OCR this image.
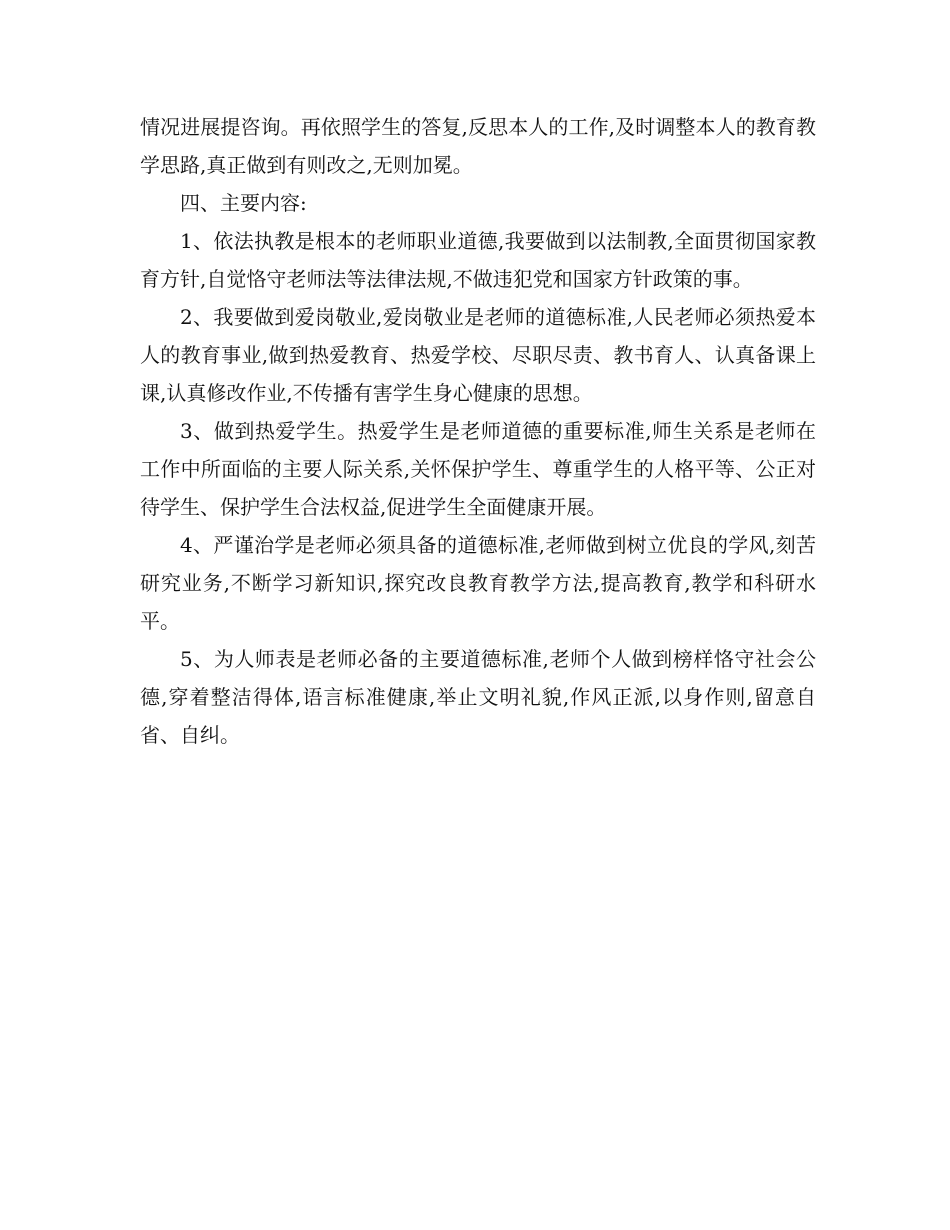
情况进展提咨询。再依照学生的答复,反思本人的工作,及时调整本人的教育教学思路,真正做到有则改之,无则加冕。

四、主要内容:

1、依法执教是根本的老师职业道德,我要做到以法制教,全面贯彻国家教育方针,自觉恪守老师法等法律法规,不做违犯党和国家方针政策的事。

2、我要做到爱岗敬业,爱岗敬业是老师的道德标准,人民老师必须热爱本人的教育事业,做到热爱教育、热爱学校、尽职尽责、教书育人、认真备课上课,认真修改作业,不传播有害学生身心健康的思想。

3、做到热爱学生。热爱学生是老师道德的重要标准,师生关系是老师在工作中所面临的主要人际关系,关怀保护学生、尊重学生的人格平等、公正对待学生、保护学生合法权益,促进学生全面健康开展。

4、严谨治学是老师必须具备的道德标准,老师做到树立优良的学风,刻苦研究业务,不断学习新知识,探究改良教育教学方法,提高教育,教学和科研水平。

5、为人师表是老师必备的主要道德标准,老师个人做到榜样恪守社会公德,穿着整洁得体,语言标准健康,举止文明礼貌,作风正派,以身作则,留意自省、自纠。
